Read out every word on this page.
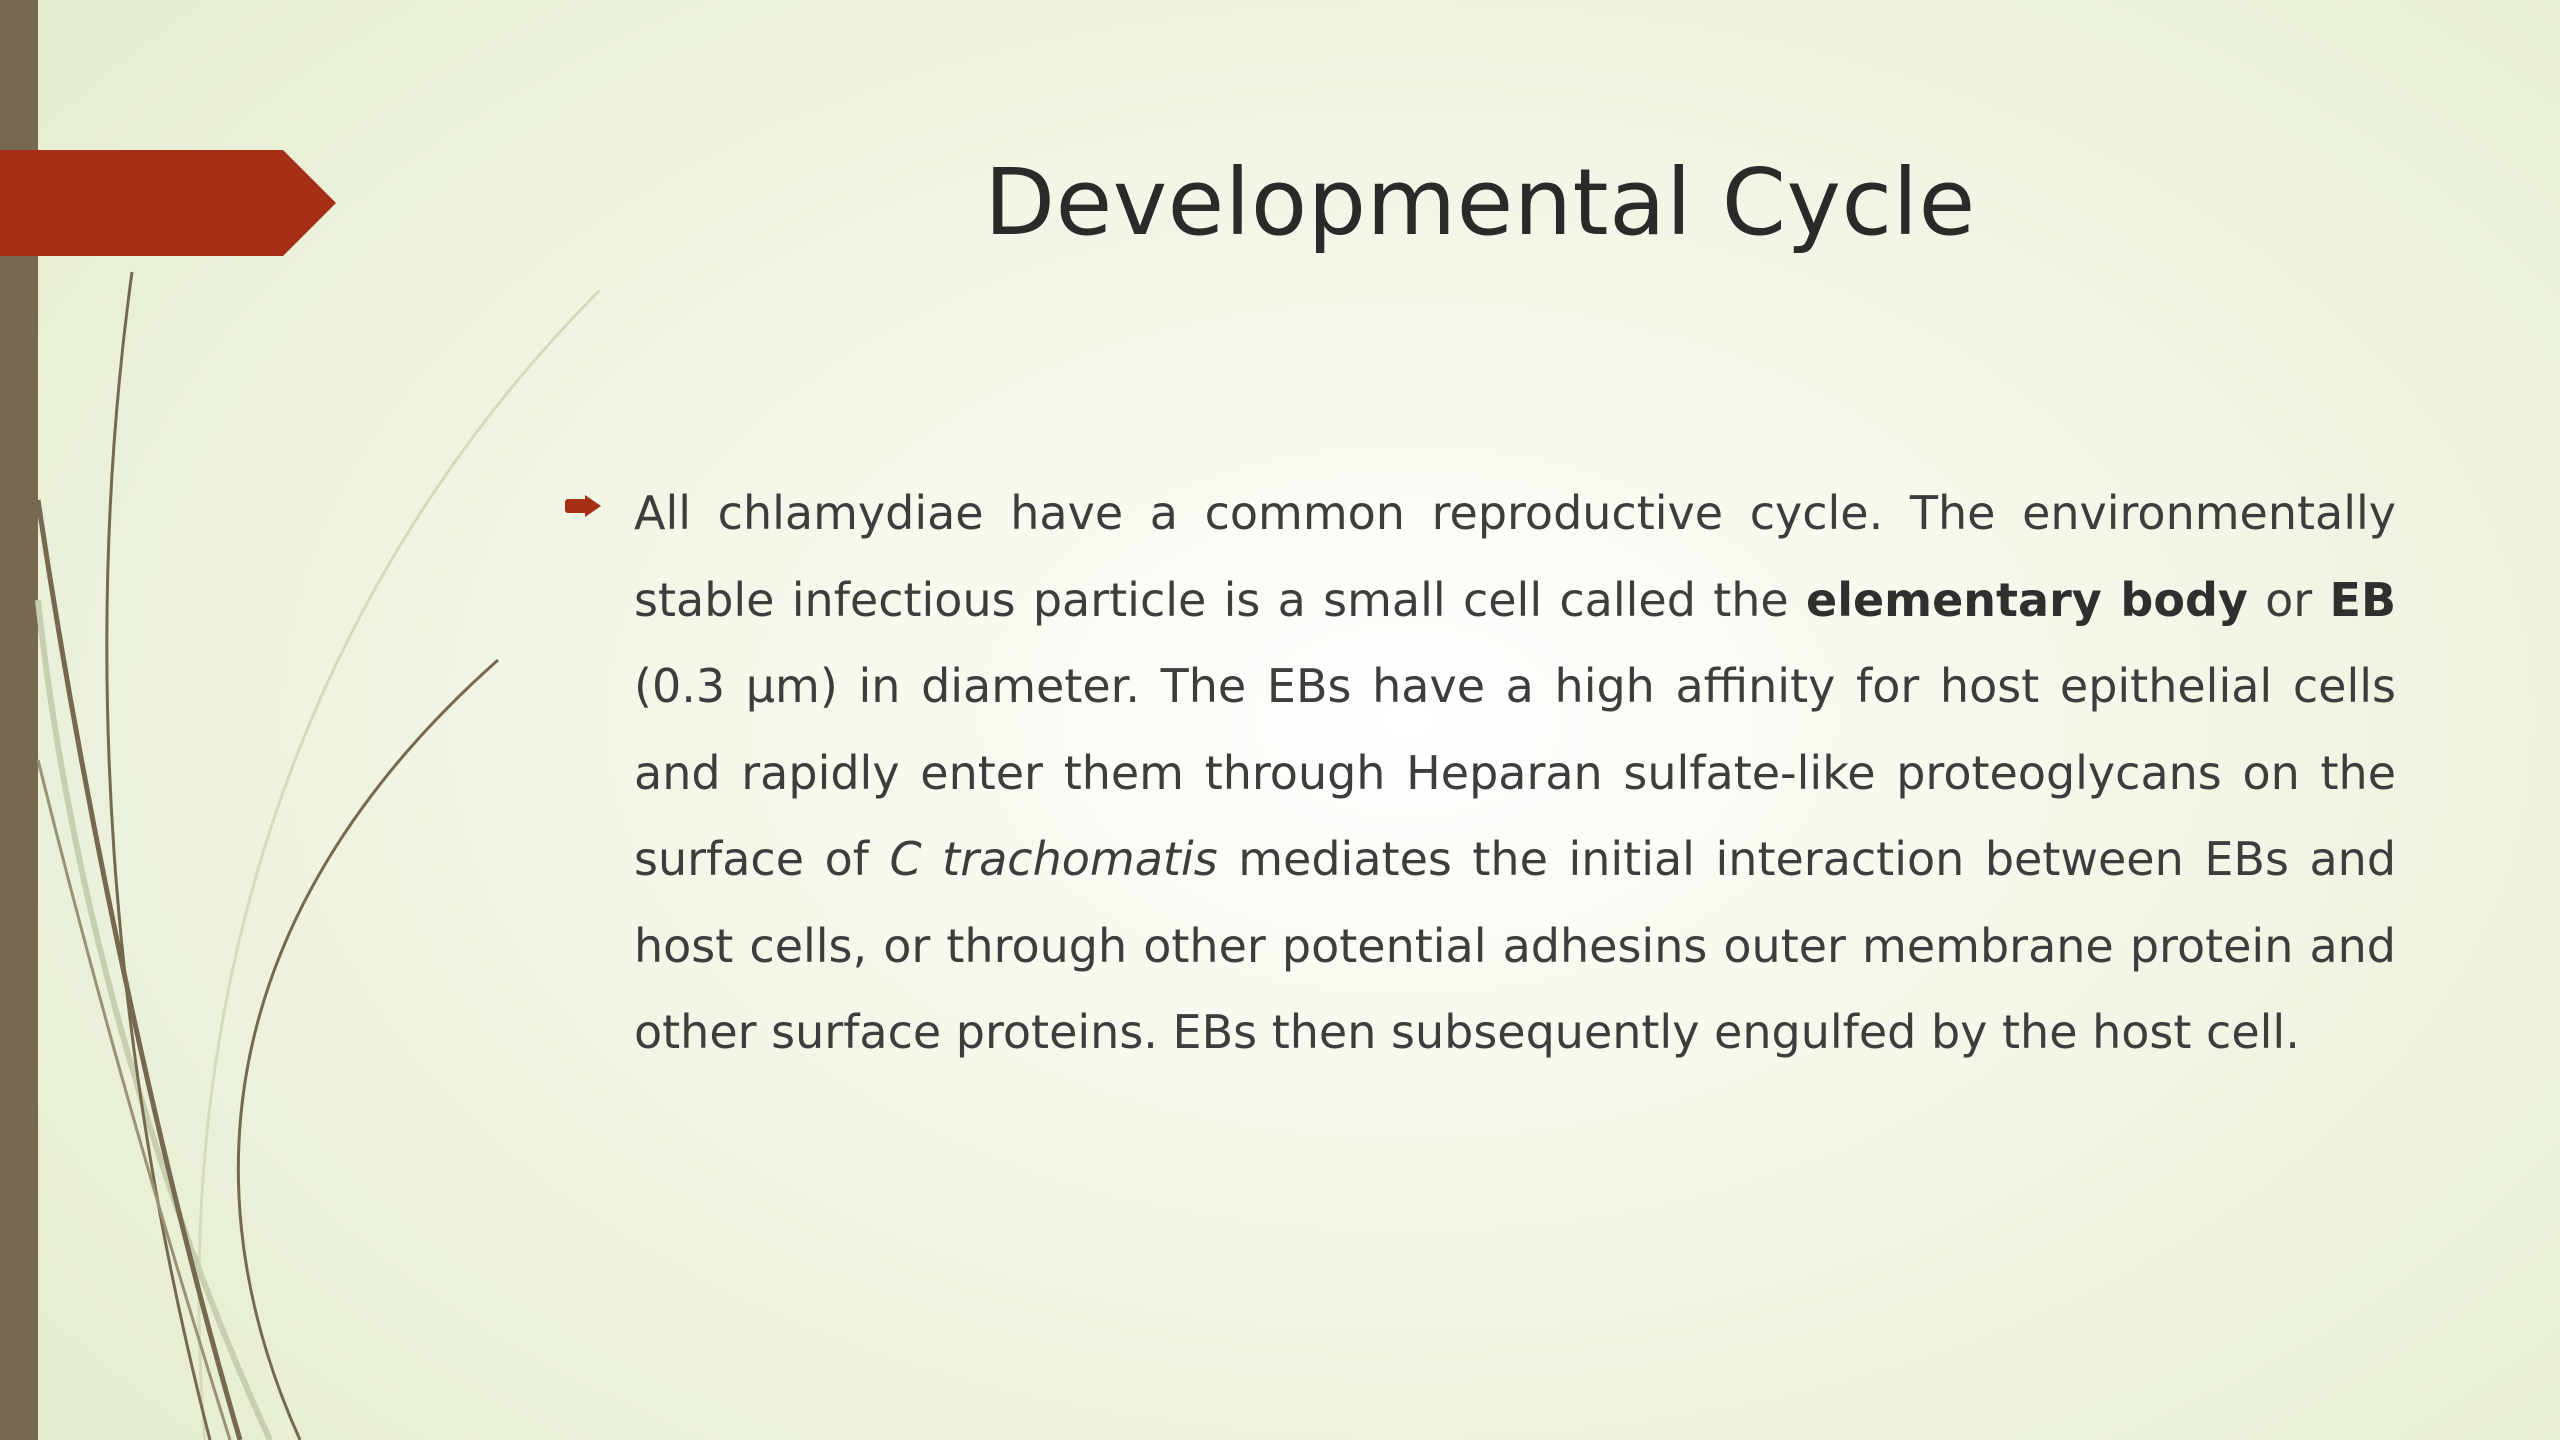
Developmental Cycle
All chlamydiae have a common reproductive cycle. The environmentally stable infectious particle is a small cell called the elementary body or EB (0.3 μm) in diameter. The EBs have a high affinity for host epithelial cells and rapidly enter them through Heparan sulfate-like proteoglycans on the surface of C trachomatis mediates the initial interaction between EBs and host cells, or through other potential adhesins outer membrane protein and other surface proteins. EBs then subsequently engulfed by the host cell.
